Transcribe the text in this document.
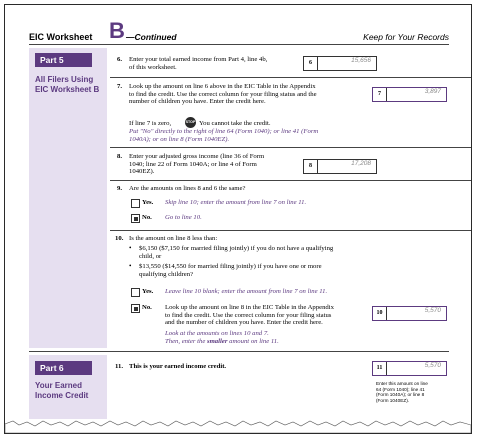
EIC Worksheet B —Continued	Keep for Your Records
Part 5
All Filers Using
EIC Worksheet B
6. Enter your total earned income from Part 4, line 4b,
of this worksheet.
6	15,656
7. Look up the amount on line 6 above in the EIC Table in the Appendix
to find the credit. Use the correct column for your filing status and the
number of children you have. Enter the credit here.
7	3,897
If line 7 is zero,	STOP You cannot take the credit.
Put "No" directly to the right of line 64 (Form 1040); or line 41 (Form
1040A); or on line 8 (Form 1040EZ).
8. Enter your adjusted gross income (line 36 of Form
1040; line 22 of Form 1040A; or line 4 of Form
1040EZ).
8	17,208
9. Are the amounts on lines 8 and 6 the same?
Yes. Skip line 10; enter the amount from line 7 on line 11.
No. Go to line 10.
10. Is the amount on line 8 less than:
• $6,150 ($7,150 for married filing jointly) if you do not have a qualifying
child, or
• $13,550 ($14,550 for married filing jointly) if you have one or more
qualifying children?
Yes. Leave line 10 blank; enter the amount from line 7 on line 11.
No. Look up the amount on line 8 in the EIC Table in the Appendix
to find the credit. Use the correct column for your filing status
and the number of children you have. Enter the credit here.
Look at the amounts on lines 10 and 7.
Then, enter the smaller amount on line 11.
10	5,570
Part 6
Your Earned
Income Credit
11. This is your earned income credit.	11	5,570
Enter this amount on line
64 (Form 1040); line 41
(Form 1040A); or line 8
(Form 1040EZ).
